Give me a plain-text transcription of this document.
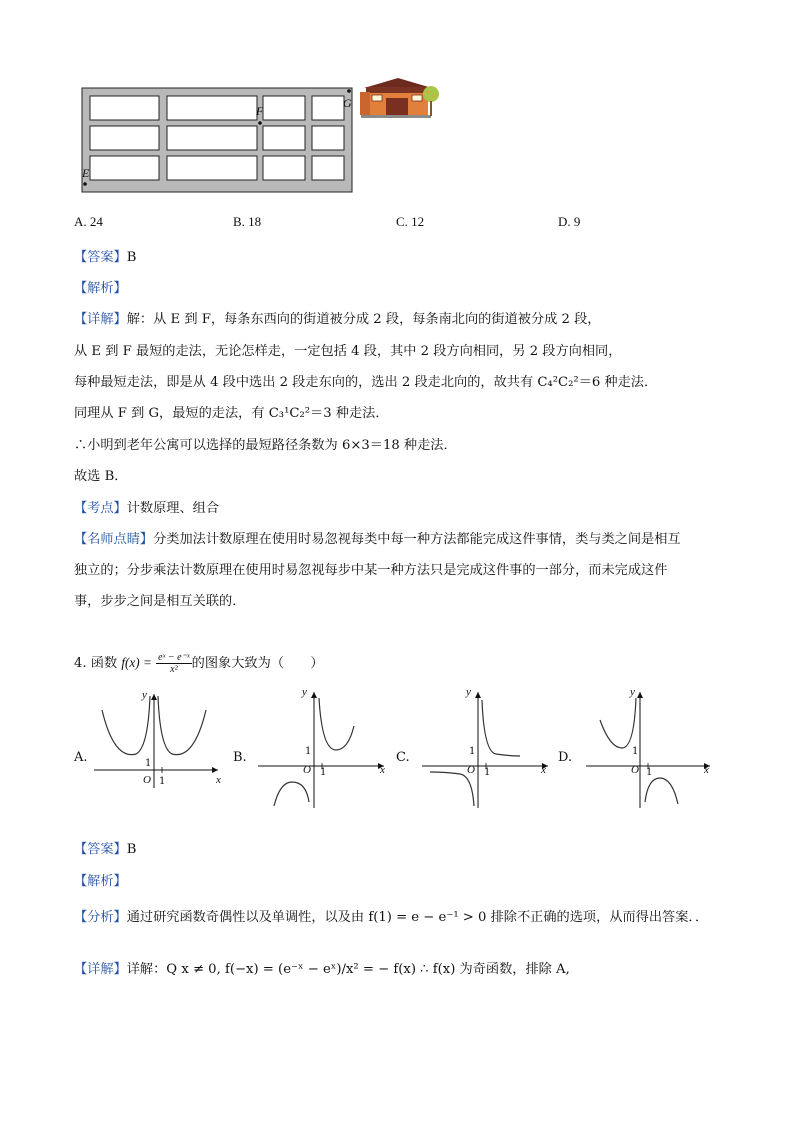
E
F
G
A. 24	B. 18	C. 12	D. 9
【答案】B
【解析】
【详解】解：从 E 到 F，每条东西向的街道被分成 2 段，每条南北向的街道被分成 2 段，
从 E 到 F 最短的走法，无论怎样走，一定包括 4 段，其中 2 段方向相同，另 2 段方向相同，
每种最短走法，即是从 4 段中选出 2 段走东向的，选出 2 段走北向的，故共有 C₄²C₂²＝6 种走法．
同理从 F 到 G，最短的走法，有 C₃¹C₂²＝3 种走法．
∴小明到老年公寓可以选择的最短路径条数为 6×3＝18 种走法．
故选 B．
【考点】计数原理、组合
【名师点睛】分类加法计数原理在使用时易忽视每类中每一种方法都能完成这件事情，类与类之间是相互
独立的；分步乘法计数原理在使用时易忽视每步中某一种方法只是完成这件事的一部分，而未完成这件
事，步步之间是相互关联的．
4. 函数 $f(x) = \frac{\text{eˣ − e⁻ˣ}}{\text{x²}}$ 的图象大致为（　　）
A.	B.	C.	D.
y
x
O 1
1
y
x
O 1
1
y
x
O 1
1
y
x
O 1
1
【答案】B
【解析】
【分析】通过研究函数奇偶性以及单调性，以及由 f(1) = e − e⁻¹ > 0 排除不正确的选项，从而得出答案．．
【详解】详解：Q x ≠ 0, f(−x) = (e⁻ˣ − eˣ)/x² = − f(x) ∴ f(x) 为奇函数，排除 A,
